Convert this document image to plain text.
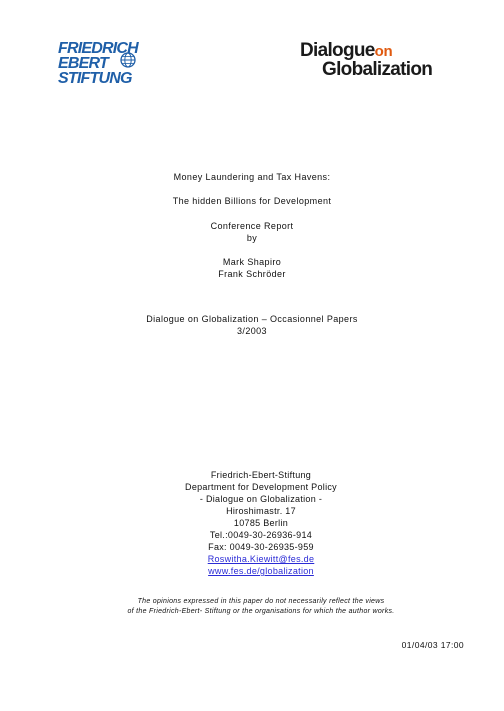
FRIEDRICH
EBERT
STIFTUNG
Dialogueon
Globalization
Money Laundering and Tax Havens:
The hidden Billions for Development
Conference Report
by
Mark Shapiro
Frank Schröder
Dialogue on Globalization – Occasionnel Papers
3/2003
Friedrich-Ebert-Stiftung
Department for Development Policy
- Dialogue on Globalization -
Hiroshimastr. 17
10785 Berlin
Tel.:0049-30-26936-914
Fax: 0049-30-26935-959
Roswitha.Kiewitt@fes.de
www.fes.de/globalization
The opinions expressed in this paper do not necessarily reflect the views
of the Friedrich-Ebert- Stiftung or the organisations for which the author works.
01/04/03 17:00
